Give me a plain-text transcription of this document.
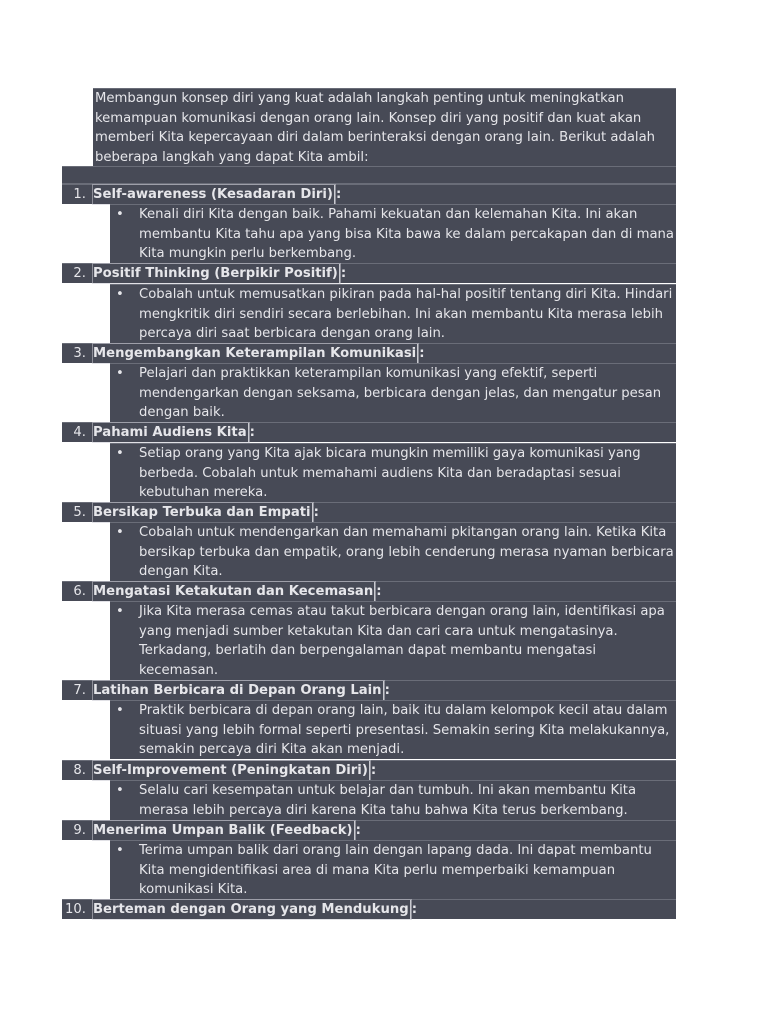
Membangun konsep diri yang kuat adalah langkah penting untuk meningkatkan kemampuan komunikasi dengan orang lain. Konsep diri yang positif dan kuat akan memberi Kita kepercayaan diri dalam berinteraksi dengan orang lain. Berikut adalah beberapa langkah yang dapat Kita ambil:
1. Self-awareness (Kesadaran Diri) :
• Kenali diri Kita dengan baik. Pahami kekuatan dan kelemahan Kita. Ini akan membantu Kita tahu apa yang bisa Kita bawa ke dalam percakapan dan di mana Kita mungkin perlu berkembang.
2. Positif Thinking (Berpikir Positif) :
• Cobalah untuk memusatkan pikiran pada hal-hal positif tentang diri Kita. Hindari mengkritik diri sendiri secara berlebihan. Ini akan membantu Kita merasa lebih percaya diri saat berbicara dengan orang lain.
3. Mengembangkan Keterampilan Komunikasi :
• Pelajari dan praktikkan keterampilan komunikasi yang efektif, seperti mendengarkan dengan seksama, berbicara dengan jelas, dan mengatur pesan dengan baik.
4. Pahami Audiens Kita :
• Setiap orang yang Kita ajak bicara mungkin memiliki gaya komunikasi yang berbeda. Cobalah untuk memahami audiens Kita dan beradaptasi sesuai kebutuhan mereka.
5. Bersikap Terbuka dan Empati :
• Cobalah untuk mendengarkan dan memahami pkitangan orang lain. Ketika Kita bersikap terbuka dan empatik, orang lebih cenderung merasa nyaman berbicara dengan Kita.
6. Mengatasi Ketakutan dan Kecemasan :
• Jika Kita merasa cemas atau takut berbicara dengan orang lain, identifikasi apa yang menjadi sumber ketakutan Kita dan cari cara untuk mengatasinya. Terkadang, berlatih dan berpengalaman dapat membantu mengatasi kecemasan.
7. Latihan Berbicara di Depan Orang Lain :
• Praktik berbicara di depan orang lain, baik itu dalam kelompok kecil atau dalam situasi yang lebih formal seperti presentasi. Semakin sering Kita melakukannya, semakin percaya diri Kita akan menjadi.
8. Self-Improvement (Peningkatan Diri) :
• Selalu cari kesempatan untuk belajar dan tumbuh. Ini akan membantu Kita merasa lebih percaya diri karena Kita tahu bahwa Kita terus berkembang.
9. Menerima Umpan Balik (Feedback) :
• Terima umpan balik dari orang lain dengan lapang dada. Ini dapat membantu Kita mengidentifikasi area di mana Kita perlu memperbaiki kemampuan komunikasi Kita.
10. Berteman dengan Orang yang Mendukung :
